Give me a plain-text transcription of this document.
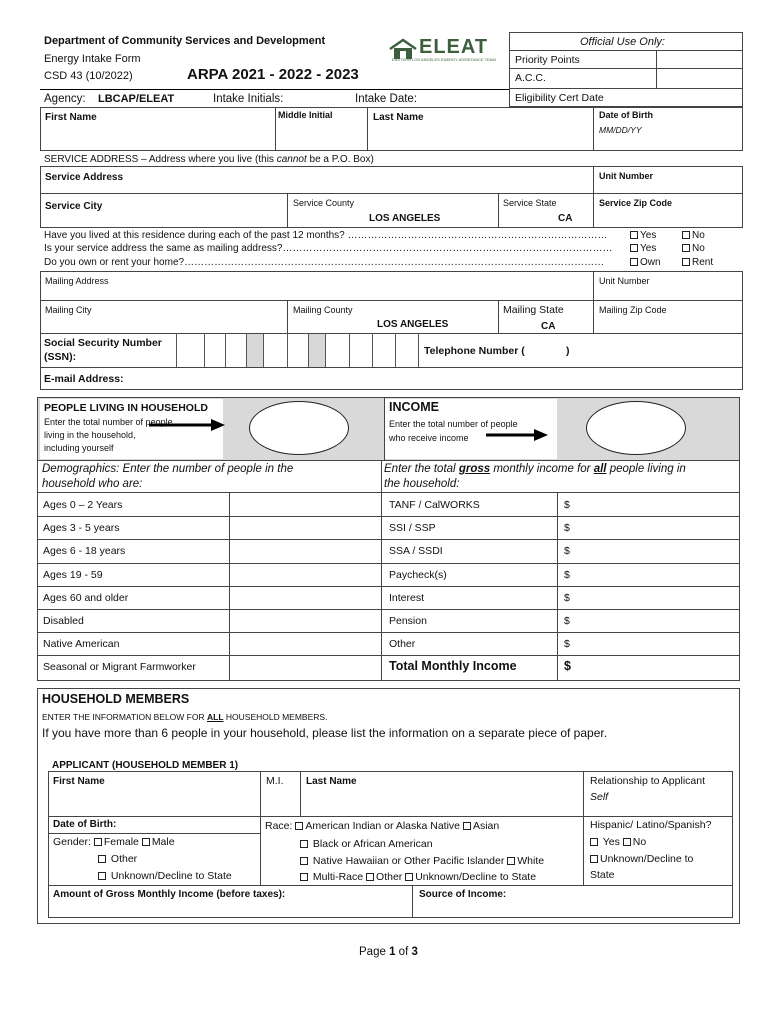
Department of Community Services and Development
Energy Intake Form
CSD 43 (10/2022)	ARPA 2021 - 2022 - 2023
ELEAT
EASTERN LOS ANGELES ENERGY ASSISTANCE TEAM
Agency: LBCAP/ELEAT	Intake Initials:	Intake Date:
Official Use Only:
Priority Points
A.C.C.
Eligibility Cert Date
First Name	Middle Initial	Last Name	Date of Birth
MM/DD/YY
SERVICE ADDRESS – Address where you live (this cannot be a P.O. Box)
Service Address	Unit Number
Service City	Service County
LOS ANGELES
Service State
CA
Service Zip Code
Have you lived at this residence during each of the past 12 months? ……………………………………………………………………
Is your service address the same as mailing address?………………………………………………………………………………………
Do you own or rent your home?………………………………………………………………………………………………………………
Yes	No
Yes	No
Own	Rent
Mailing Address	Unit Number
Mailing City	Mailing County
LOS ANGELES
Mailing State
CA
Mailing Zip Code
Social Security Number
(SSN):	Telephone Number (	)
E-mail Address:
PEOPLE LIVING IN HOUSEHOLD
Enter the total number of people
living in the household,
including yourself
INCOME
Enter the total number of people
who receive income
Demographics: Enter the number of people in the
household who are:
Enter the total gross monthly income for all people living in
the household:
Ages 0 – 2 Years
Ages 3 - 5 years
Ages 6 - 18 years
Ages 19 - 59
Ages 60 and older
Disabled
Native American
Seasonal or Migrant Farmworker
TANF / CalWORKS	$
SSI / SSP	$
SSA / SSDI	$
Paycheck(s)	$
Interest	$
Pension	$
Other	$
Total Monthly Income	$
HOUSEHOLD MEMBERS
ENTER THE INFORMATION BELOW FOR ALL HOUSEHOLD MEMBERS.
If you have more than 6 people in your household, please list the information on a separate piece of paper.
APPLICANT (HOUSEHOLD MEMBER 1)
First Name	M.I. Last Name	Relationship to Applicant
Self
Date of Birth:
Gender: Female Male
Other
Unknown/Decline to State
Race: American Indian or Alaska Native Asian
Black or African American
Native Hawaiian or Other Pacific Islander White
Multi-Race Other Unknown/Decline to State
Hispanic/ Latino/Spanish?
Yes No
Unknown/Decline to
State
Amount of Gross Monthly Income (before taxes):	Source of Income:
Page 1 of 3
